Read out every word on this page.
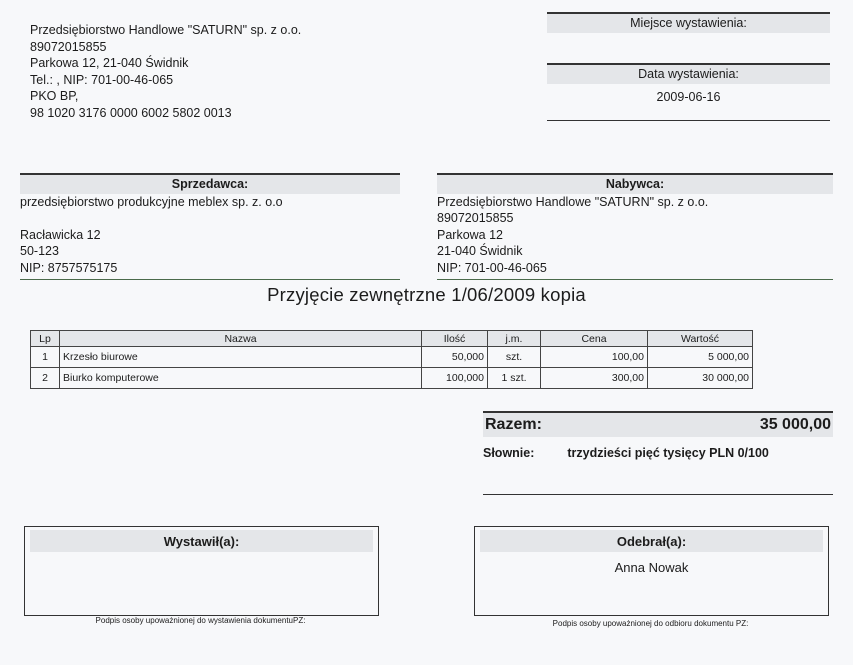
Przedsiębiorstwo Handlowe "SATURN" sp. z o.o.
89072015855
Parkowa 12, 21-040 Świdnik
Tel.: , NIP: 701-00-46-065
PKO BP,
98 1020 3176 0000 6002 5802 0013
Miejsce wystawienia:
Data wystawienia:
2009-06-16
Sprzedawca:
przedsiębiorstwo produkcyjne meblex sp. z. o.o
Racławicka 12
50-123
NIP: 8757575175
Nabywca:
Przedsiębiorstwo Handlowe "SATURN" sp. z o.o.
89072015855
Parkowa 12
21-040 Świdnik
NIP: 701-00-46-065
Przyjęcie zewnętrzne 1/06/2009 kopia
Lp	Nazwa	Ilość	j.m.	Cena	Wartość
1	Krzesło biurowe	50,000	szt.	100,00	5 000,00
2	Biurko komputerowe	100,000	1 szt.	300,00	30 000,00
Razem:	35 000,00
Słownie:	trzydzieści pięć tysięcy PLN 0/100
Wystawił(a):
Podpis osoby upoważnionej do wystawienia dokumentuPZ:
Odebrał(a):
Anna Nowak
Podpis osoby upoważnionej do odbioru dokumentu PZ:
